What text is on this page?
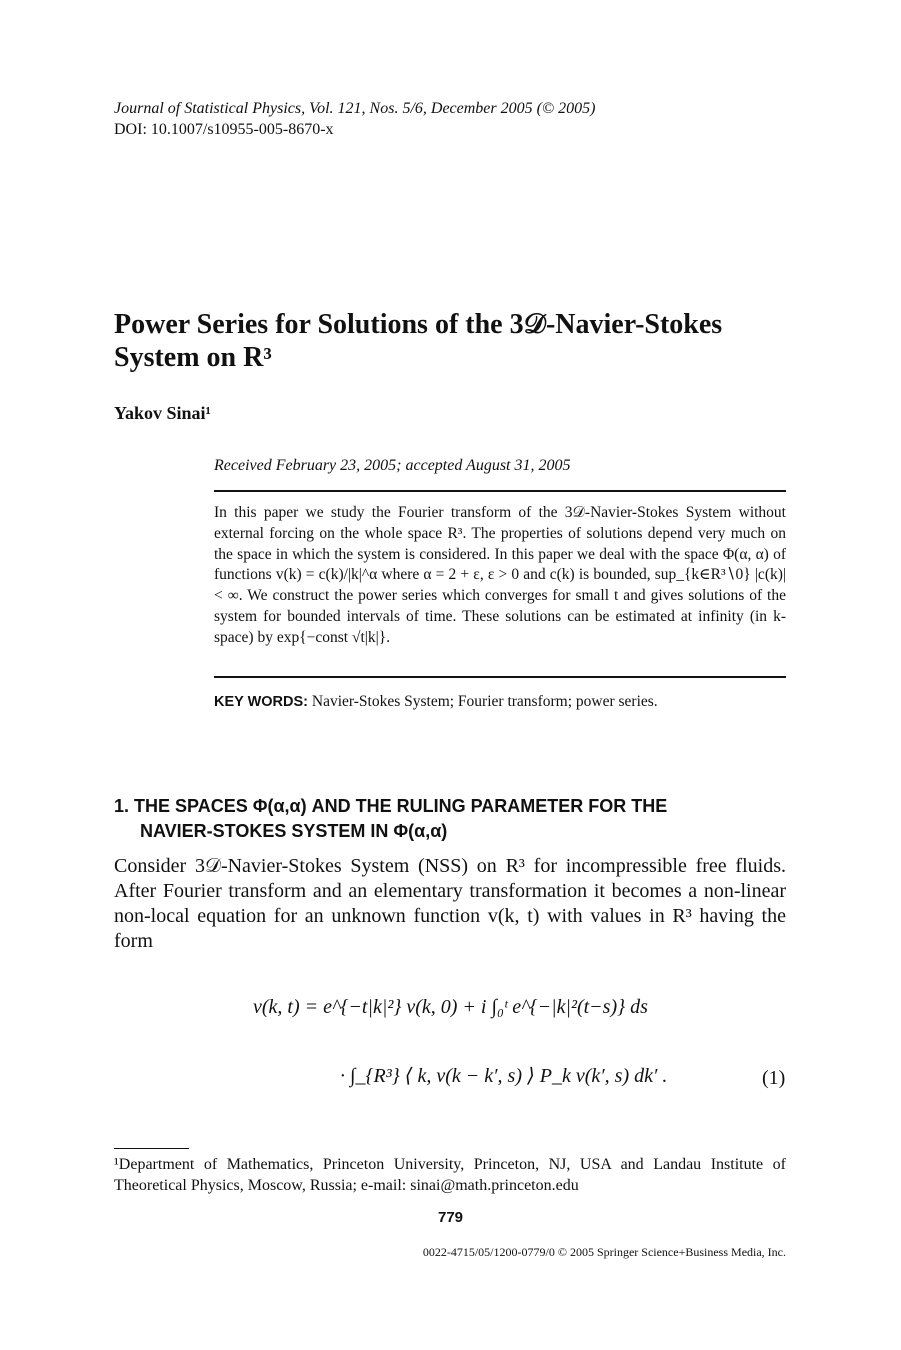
Journal of Statistical Physics, Vol. 121, Nos. 5/6, December 2005 (© 2005)
DOI: 10.1007/s10955-005-8670-x
Power Series for Solutions of the 3𝒟-Navier-Stokes
System on R³
Yakov Sinai¹
Received February 23, 2005; accepted August 31, 2005
In this paper we study the Fourier transform of the 3𝒟-Navier-Stokes System without external forcing on the whole space R³. The properties of solutions depend very much on the space in which the system is considered. In this paper we deal with the space Φ(α, α) of functions v(k) = c(k)/|k|^α where α = 2 + ε, ε > 0 and c(k) is bounded, sup_{k∈R³∖0} |c(k)| < ∞. We construct the power series which converges for small t and gives solutions of the system for bounded intervals of time. These solutions can be estimated at infinity (in k-space) by exp{−const √t|k|}.
KEY WORDS: Navier-Stokes System; Fourier transform; power series.
1. THE SPACES Φ(α,α) AND THE RULING PARAMETER FOR THE
NAVIER-STOKES SYSTEM IN Φ(α,α)
Consider 3𝒟-Navier-Stokes System (NSS) on R³ for incompressible free fluids. After Fourier transform and an elementary transformation it becomes a non-linear non-local equation for an unknown function v(k, t) with values in R³ having the form
v(k, t) = e^{−t|k|²} v(k, 0) + i ∫₀ᵗ e^{−|k|²(t−s)} ds
· ∫_{R³} ⟨ k, v(k − k′, s) ⟩ P_k v(k′, s) dk′ .	(1)
¹Department of Mathematics, Princeton University, Princeton, NJ, USA and Landau Institute of Theoretical Physics, Moscow, Russia; e-mail: sinai@math.princeton.edu
779
0022-4715/05/1200-0779/0 © 2005 Springer Science+Business Media, Inc.
